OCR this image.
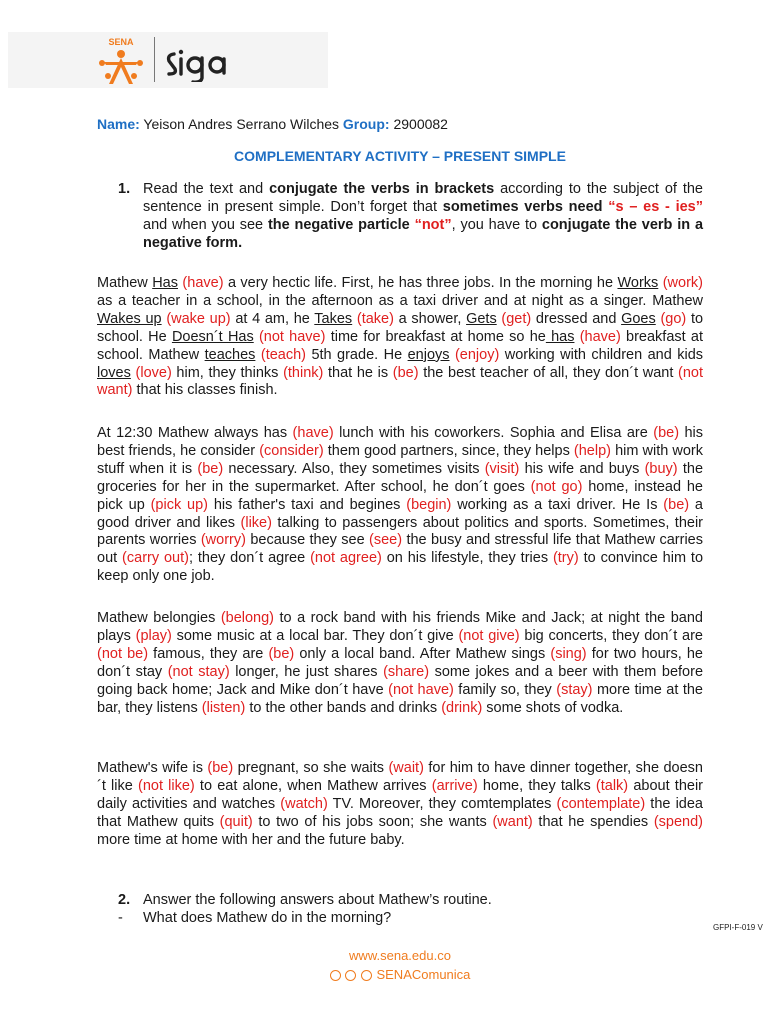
SENA
Name: Yeison Andres Serrano Wilches Group: 2900082
COMPLEMENTARY ACTIVITY – PRESENT SIMPLE
1. Read the text and conjugate the verbs in brackets according to the subject of the sentence in present simple. Don’t forget that sometimes verbs need “s – es - ies” and when you see the negative particle “not”, you have to conjugate the verb in a negative form.
Mathew Has (have) a very hectic life. First, he has three jobs. In the morning he Works (work) as a teacher in a school, in the afternoon as a taxi driver and at night as a singer. Mathew Wakes up (wake up) at 4 am, he Takes (take) a shower, Gets (get) dressed and Goes (go) to school. He Doesn´t Has (not have) time for breakfast at home so he has (have) breakfast at school. Mathew teaches (teach) 5th grade. He enjoys (enjoy) working with children and kids loves (love) him, they thinks (think) that he is (be) the best teacher of all, they don´t want (not want) that his classes finish.
At 12:30 Mathew always has (have) lunch with his coworkers. Sophia and Elisa are (be) his best friends, he consider (consider) them good partners, since, they helps (help) him with work stuff when it is (be) necessary. Also, they sometimes visits (visit) his wife and buys (buy) the groceries for her in the supermarket. After school, he don´t goes (not go) home, instead he pick up (pick up) his father's taxi and begines (begin) working as a taxi driver. He Is (be) a good driver and likes (like) talking to passengers about politics and sports. Sometimes, their parents worries (worry) because they see (see) the busy and stressful life that Mathew carries out (carry out); they don´t agree (not agree) on his lifestyle, they tries (try) to convince him to keep only one job.
Mathew belongies (belong) to a rock band with his friends Mike and Jack; at night the band plays (play) some music at a local bar. They don´t give (not give) big concerts, they don´t are (not be) famous, they are (be) only a local band. After Mathew sings (sing) for two hours, he don´t stay (not stay) longer, he just shares (share) some jokes and a beer with them before going back home; Jack and Mike don´t have (not have) family so, they (stay) more time at the bar, they listens (listen) to the other bands and drinks (drink) some shots of vodka.
Mathew's wife is (be) pregnant, so she waits (wait) for him to have dinner together, she doesn´t like (not like) to eat alone, when Mathew arrives (arrive) home, they talks (talk) about their daily activities and watches (watch) TV. Moreover, they comtemplates (contemplate) the idea that Mathew quits (quit) to two of his jobs soon; she wants (want) that he spendies (spend) more time at home with her and the future baby.
2. Answer the following answers about Mathew’s routine.
- What does Mathew do in the morning?
GFPI-F-019 V
www.sena.edu.co
SENAComunica
